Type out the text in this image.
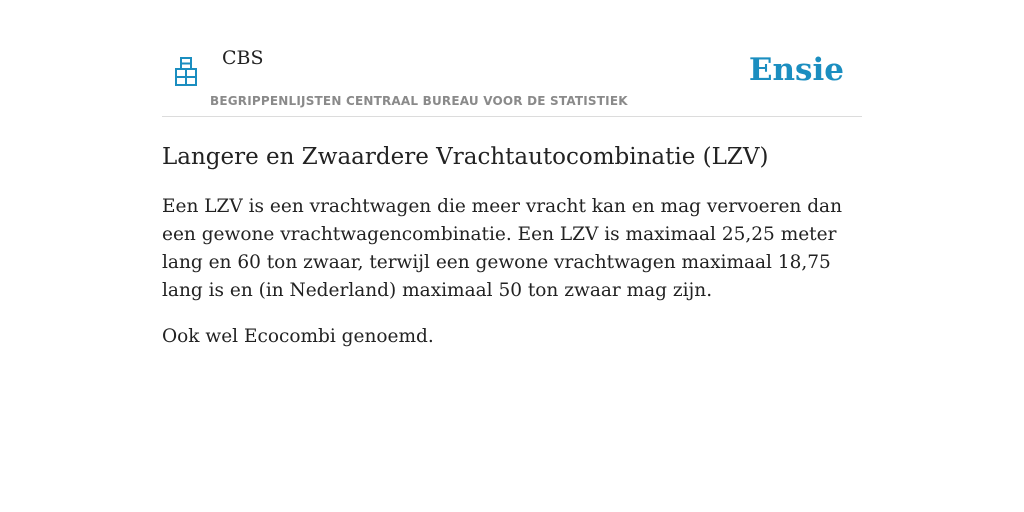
CBS
BEGRIPPENLIJSTEN CENTRAAL BUREAU VOOR DE STATISTIEK
Ensie
Langere en Zwaardere Vrachtautocombinatie (LZV)

Een LZV is een vrachtwagen die meer vracht kan en mag vervoeren dan een gewone vrachtwagencombinatie. Een LZV is maximaal 25,25 meter lang en 60 ton zwaar, terwijl een gewone vrachtwagen maximaal 18,75 lang is en (in Nederland) maximaal 50 ton zwaar mag zijn.

Ook wel Ecocombi genoemd.
